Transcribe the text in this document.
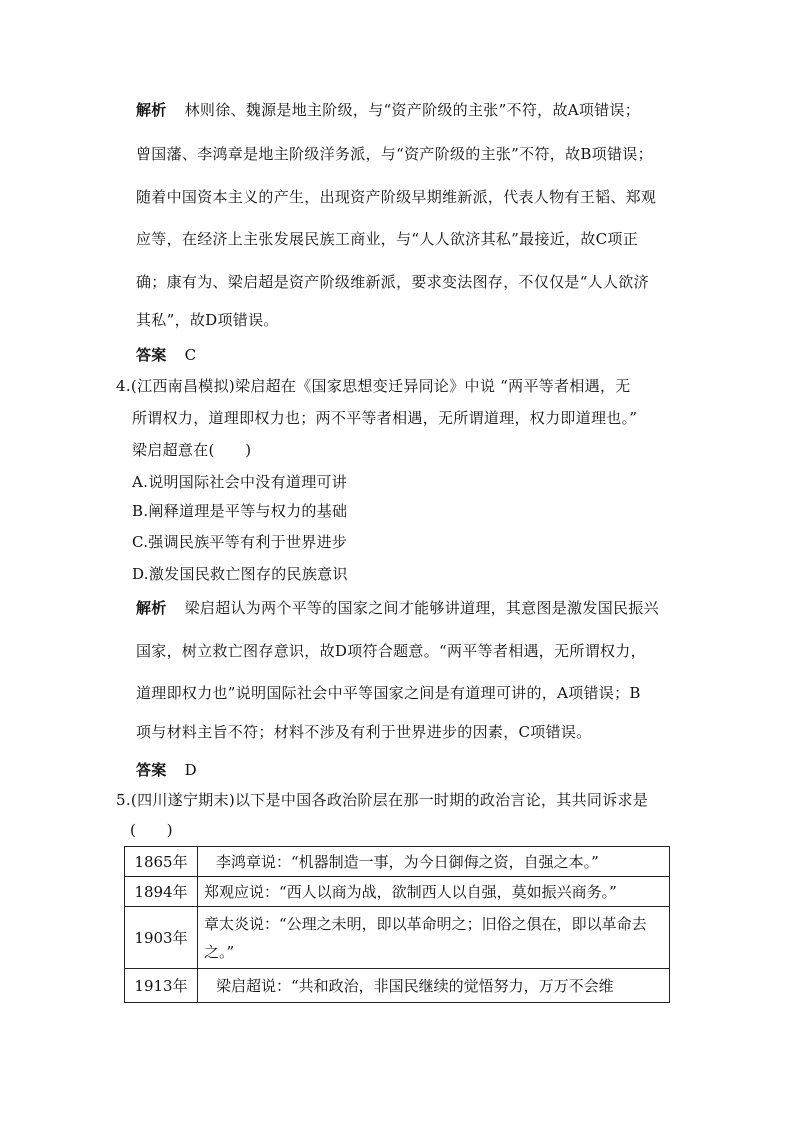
解析 林则徐、魏源是地主阶级，与“资产阶级的主张”不符，故A项错误；
曾国藩、李鸿章是地主阶级洋务派，与“资产阶级的主张”不符，故B项错误；
随着中国资本主义的产生，出现资产阶级早期维新派，代表人物有王韬、郑观
应等，在经济上主张发展民族工商业，与“人人欲济其私”最接近，故C项正
确；康有为、梁启超是资产阶级维新派，要求变法图存，不仅仅是“人人欲济
其私”，故D项错误。
答案 C
4.(江西南昌模拟)梁启超在《国家思想变迁异同论》中说 “两平等者相遇，无
所谓权力，道理即权力也；两不平等者相遇，无所谓道理，权力即道理也。”
梁启超意在(　　)
A.说明国际社会中没有道理可讲
B.阐释道理是平等与权力的基础
C.强调民族平等有利于世界进步
D.激发国民救亡图存的民族意识
解析 梁启超认为两个平等的国家之间才能够讲道理，其意图是激发国民振兴
国家，树立救亡图存意识，故D项符合题意。“两平等者相遇，无所谓权力，
道理即权力也”说明国际社会中平等国家之间是有道理可讲的，A项错误；B
项与材料主旨不符；材料不涉及有利于世界进步的因素，C项错误。
答案 D
5.(四川遂宁期末)以下是中国各政治阶层在那一时期的政治言论，其共同诉求是
(　　)
1865年	李鸿章说：“机器制造一事，为今日御侮之资，自强之本。”
1894年	郑观应说：“西人以商为战，欲制西人以自强，莫如振兴商务。”
1903年	章太炎说：“公理之未明，即以革命明之；旧俗之俱在，即以革命去之。”
1913年	梁启超说：“共和政治，非国民继续的觉悟努力，万万不会维
